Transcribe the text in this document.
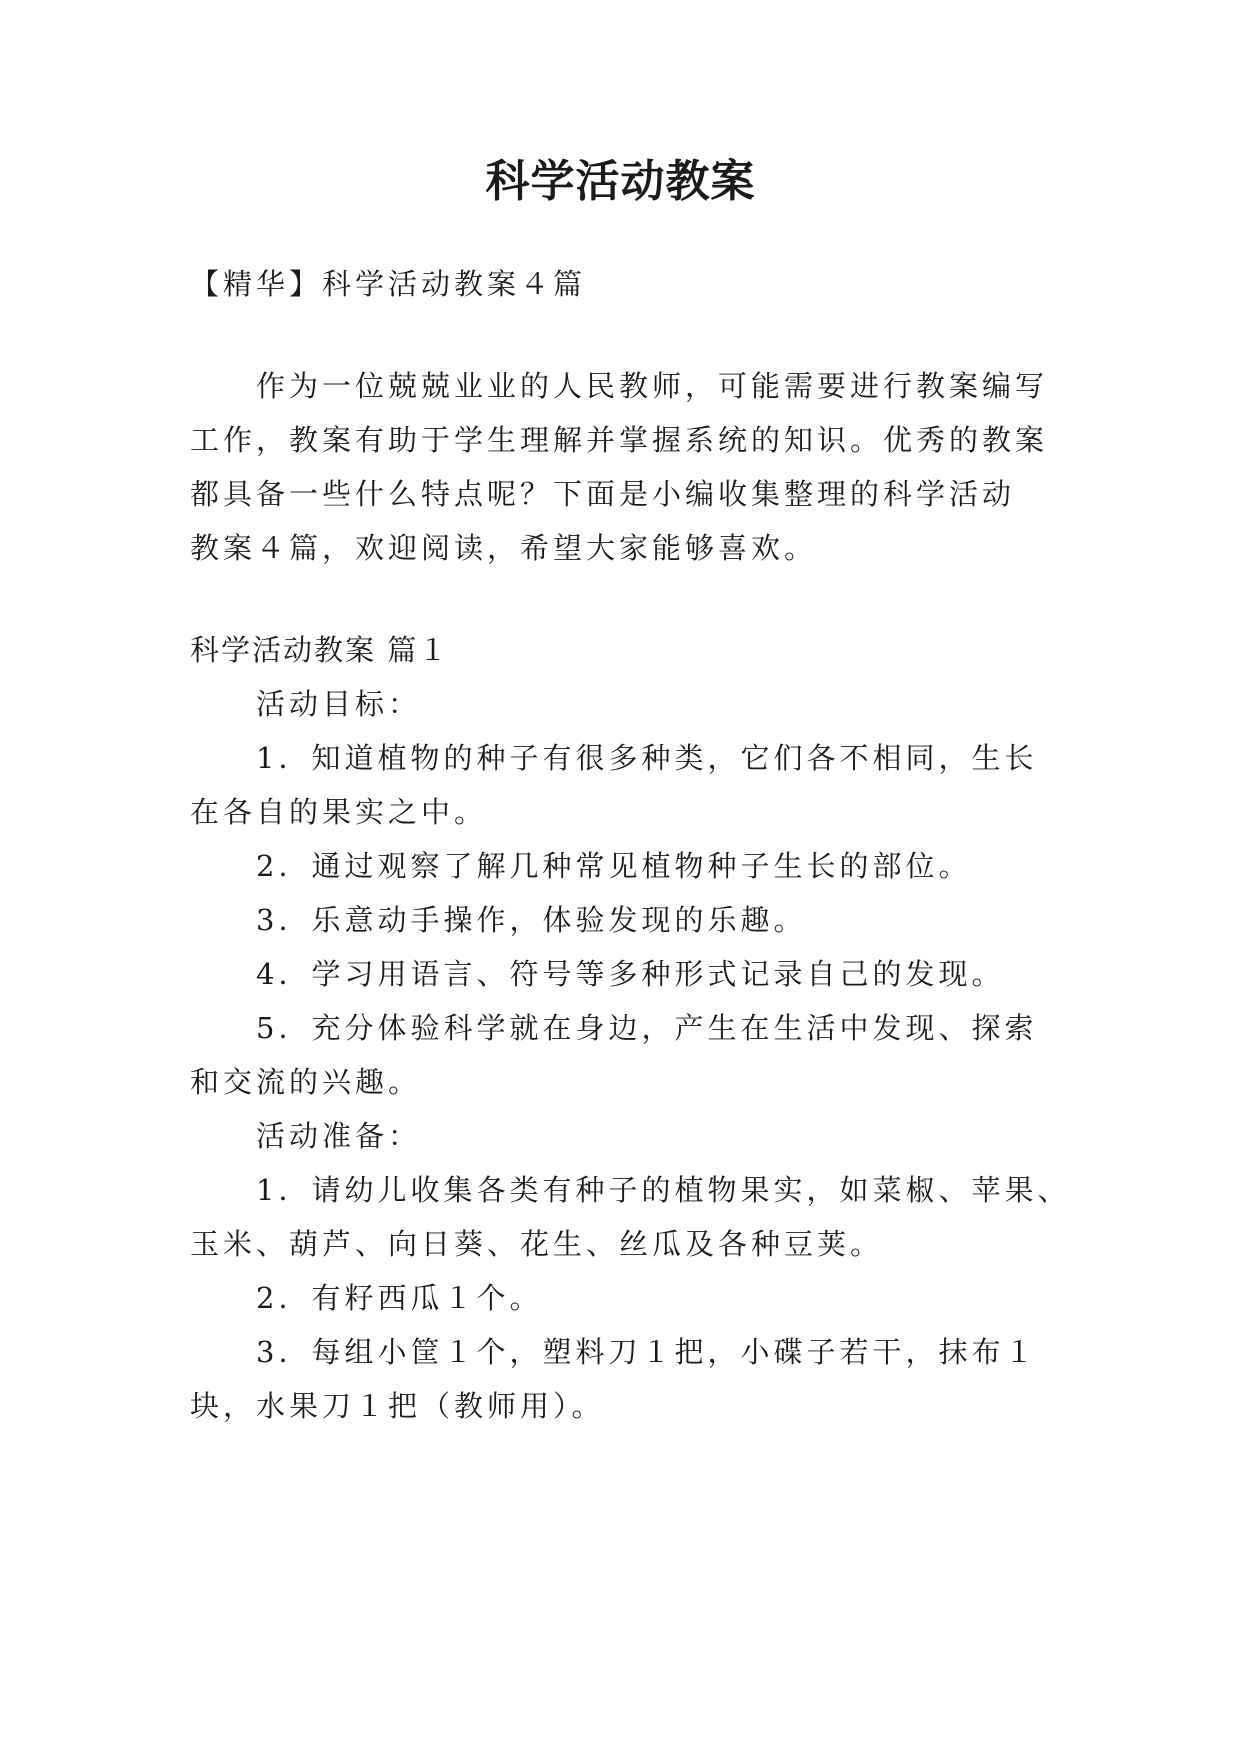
科学活动教案

【精华】科学活动教案４篇

作为一位兢兢业业的人民教师，可能需要进行教案编写

工作，教案有助于学生理解并掌握系统的知识。优秀的教案

都具备一些什么特点呢？下面是小编收集整理的科学活动

教案４篇，欢迎阅读，希望大家能够喜欢。

科学活动教案 篇１

活动目标：

1．知道植物的种子有很多种类，它们各不相同，生长

在各自的果实之中。

2．通过观察了解几种常见植物种子生长的部位。

3．乐意动手操作，体验发现的乐趣。

4．学习用语言、符号等多种形式记录自己的发现。

5．充分体验科学就在身边，产生在生活中发现、探索

和交流的兴趣。

活动准备：

1．请幼儿收集各类有种子的植物果实，如菜椒、苹果、

玉米、葫芦、向日葵、花生、丝瓜及各种豆荚。

2．有籽西瓜１个。

3．每组小筐１个，塑料刀１把，小碟子若干，抹布１

块，水果刀１把（教师用）。
